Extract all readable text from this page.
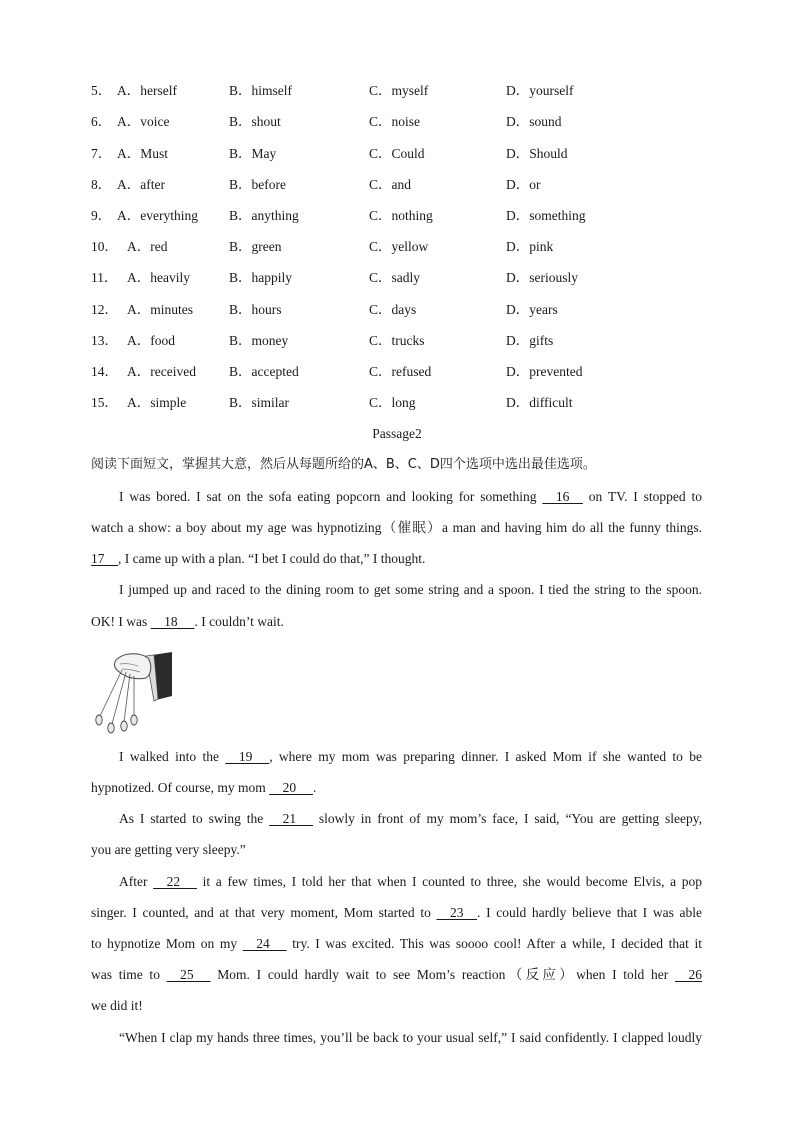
5． A．herself	B．himself	C．myself	D．yourself
6． A．voice	B．shout	C．noise	D．sound
7． A．Must	B．May	C．Could	D．Should
8． A．after	B．before	C．and	D．or
9． A．everything B．anything	C．nothing	D．something
10． A．red	B．green	C．yellow	D．pink
11． A．heavily	B．happily	C．sadly	D．seriously
12． A．minutes	B．hours	C．days	D．years
13． A．food	B．money	C．trucks	D．gifts
14． A．received B．accepted	C．refused	D．prevented
15． A．simple	B．similar	C．long	D．difficult
Passage2
阅读下面短文，掌握其大意，然后从每题所给的A、B、C、D四个选项中选出最佳选项。
I was bored. I sat on the sofa eating popcorn and looking for something     16     on TV. I stopped to
watch a show: a boy about my age was hypnotizing（催眠）a man and having him do all the funny things.
17    , I came up with a plan. “I bet I could do that,” I thought.
I jumped up and raced to the dining room to get some string and a spoon. I tied the string to the spoon.
OK! I was     18     . I couldn’t wait.
I walked into the     19     , where my mom was preparing dinner. I asked Mom if she wanted to be
hypnotized. Of course, my mom     20     .
As I started to swing the     21      slowly in front of my mom’s face, I said, “You are getting sleepy,
you are getting very sleepy.”
After     22      it a few times, I told her that when I counted to three, she would become Elvis, a pop
singer. I counted, and at that very moment, Mom started to     23    . I could hardly believe that I was able
to hypnotize Mom on my     24      try. I was excited. This was soooo cool! After a while, I decided that it
was time to     25      Mom. I could hardly wait to see Mom’s reaction（反应）when I told her     26
we did it!
“When I clap my hands three times, you’ll be back to your usual self,” I said confidently. I clapped loudly
